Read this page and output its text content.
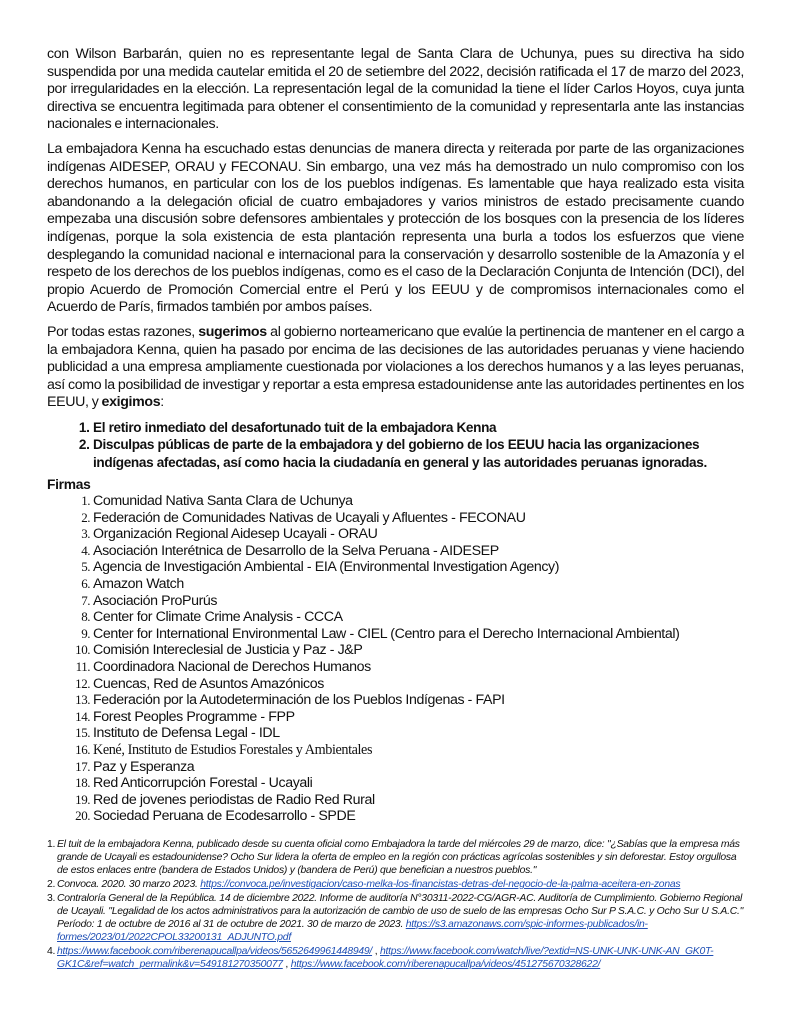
con Wilson Barbarán, quien no es representante legal de Santa Clara de Uchunya, pues su directiva ha sido suspendida por una medida cautelar emitida el 20 de setiembre del 2022, decisión ratificada el 17 de marzo del 2023, por irregularidades en la elección. La representación legal de la comunidad la tiene el líder Carlos Hoyos, cuya junta directiva se encuentra legitimada para obtener el consentimiento de la comunidad y representarla ante las instancias nacionales e internacionales.

La embajadora Kenna ha escuchado estas denuncias de manera directa y reiterada por parte de las organizaciones indígenas AIDESEP, ORAU y FECONAU. Sin embargo, una vez más ha demostrado un nulo compromiso con los derechos humanos, en particular con los de los pueblos indígenas. Es lamentable que haya realizado esta visita abandonando a la delegación oficial de cuatro embajadores y varios ministros de estado precisamente cuando empezaba una discusión sobre defensores ambientales y protección de los bosques con la presencia de los líderes indígenas, porque la sola existencia de esta plantación representa una burla a todos los esfuerzos que viene desplegando la comunidad nacional e internacional para la conservación y desarrollo sostenible de la Amazonía y el respeto de los derechos de los pueblos indígenas, como es el caso de la Declaración Conjunta de Intención (DCI), del propio Acuerdo de Promoción Comercial entre el Perú y los EEUU y de compromisos internacionales como el Acuerdo de París, firmados también por ambos países.

Por todas estas razones, sugerimos al gobierno norteamericano que evalúe la pertinencia de mantener en el cargo a la embajadora Kenna, quien ha pasado por encima de las decisiones de las autoridades peruanas y viene haciendo publicidad a una empresa ampliamente cuestionada por violaciones a los derechos humanos y a las leyes peruanas, así como la posibilidad de investigar y reportar a esta empresa estadounidense ante las autoridades pertinentes en los EEUU, y exigimos:

1. El retiro inmediato del desafortunado tuit de la embajadora Kenna
2. Disculpas públicas de parte de la embajadora y del gobierno de los EEUU hacia las organizaciones indígenas afectadas, así como hacia la ciudadanía en general y las autoridades peruanas ignoradas.
Firmas
1. Comunidad Nativa Santa Clara de Uchunya
2. Federación de Comunidades Nativas de Ucayali y Afluentes - FECONAU
3. Organización Regional Aidesep Ucayali - ORAU
4. Asociación Interétnica de Desarrollo de la Selva Peruana - AIDESEP
5. Agencia de Investigación Ambiental - EIA (Environmental Investigation Agency)
6. Amazon Watch
7. Asociación ProPurús
8. Center for Climate Crime Analysis - CCCA
9. Center for International Environmental Law - CIEL (Centro para el Derecho Internacional Ambiental)
10. Comisión Intereclesial de Justicia y Paz - J&P
11. Coordinadora Nacional de Derechos Humanos
12. Cuencas, Red de Asuntos Amazónicos
13. Federación por la Autodeterminación de los Pueblos Indígenas - FAPI
14. Forest Peoples Programme - FPP
15. Instituto de Defensa Legal - IDL
16. Kené, Instituto de Estudios Forestales y Ambientales
17. Paz y Esperanza
18. Red Anticorrupción Forestal - Ucayali
19. Red de jovenes periodistas de Radio Red Rural
20. Sociedad Peruana de Ecodesarrollo - SPDE
1. El tuit de la embajadora Kenna, publicado desde su cuenta oficial como Embajadora la tarde del miércoles 29 de marzo, dice: "¿Sabías que la empresa más grande de Ucayali es estadounidense? Ocho Sur lidera la oferta de empleo en la región con prácticas agrícolas sostenibles y sin deforestar. Estoy orgullosa de estos enlaces entre (bandera de Estados Unidos) y (bandera de Perú) que benefician a nuestros pueblos."
2. Convoca. 2020. 30 marzo 2023. https://convoca.pe/investigacion/caso-melka-los-financistas-detras-del-negocio-de-la-palma-aceitera-en-zonas
3. Contraloría General de la República. 14 de diciembre 2022. Informe de auditoría N°30311-2022-CG/AGR-AC. Auditoría de Cumplimiento. Gobierno Regional de Ucayali. "Legalidad de los actos administrativos para la autorización de cambio de uso de suelo de las empresas Ocho Sur P S.A.C. y Ocho Sur U S.A.C." Período: 1 de octubre de 2016 al 31 de octubre de 2021. 30 de marzo de 2023. https://s3.amazonaws.com/spic-informes-publicados/in-formes/2023/01/2022CPOL33200131_ADJUNTO.pdf
4. https://www.facebook.com/riberenapucallpa/videos/5652649961448949/ , https://www.facebook.com/watch/live/?extid=NS-UNK-UNK-UNK-AN_GK0T-GK1C&ref=watch_permalink&v=549181270350077 , https://www.facebook.com/riberenapucallpa/videos/451275670328622/
